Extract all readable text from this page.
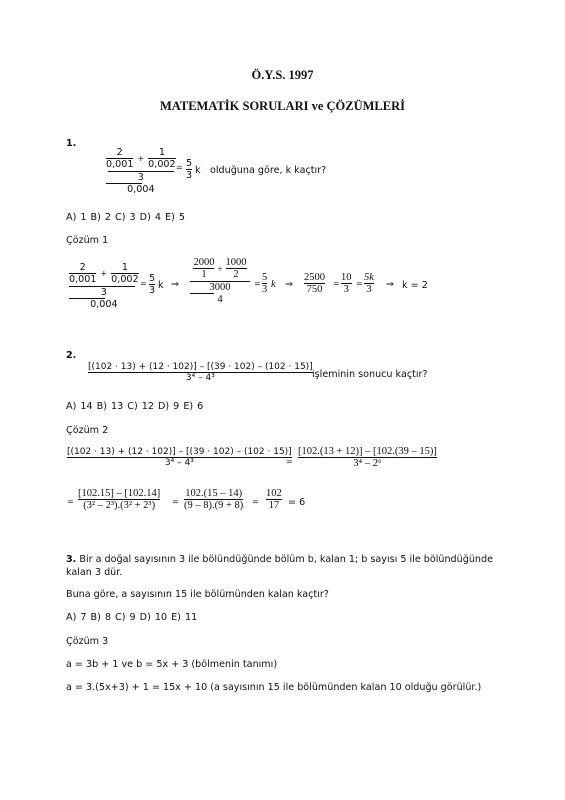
Ö.Y.S. 1997
MATEMATİK SORULARI ve ÇÖZÜMLERİ
1.
2
0,001
+
1
0,002
3
0,004
= 5
3 k olduğuna göre, k kaçtır?
A) 1 B) 2 C) 3 D) 4 E) 5
Çözüm 1
2
0,001
+
1
0,002
3
0,004
= 5
3 k ⇒
2000
1
+
1000
2
3000
4
=
5
3 k ⇒
2500
750
=
10
3
=
5k
3 ⇒ k = 2
2.
[(102 · 13) + (12 · 102)] – [(39 · 102) – (102 · 15)]
3⁴ – 4³	işleminin sonucu kaçtır?
A) 14 B) 13 C) 12 D) 9 E) 6
Çözüm 2
[(102 · 13) + (12 · 102)] – [(39 · 102) – (102 · 15)]
3⁴ – 4³	=
[102.(13 + 12)] – [102.(39 – 15)]
3⁴ – 2⁶
=
[102.15] – [102.14]
(3² – 2³).(3² + 2³) =
102.(15 – 14)
(9 – 8).(9 + 8) =
102
17 = 6
3. Bir a doğal sayısının 3 ile bölündüğünde bölüm b, kalan 1; b sayısı 5 ile bölündüğünde
kalan 3 dür.
Buna göre, a sayısının 15 ile bölümünden kalan kaçtır?
A) 7 B) 8 C) 9 D) 10 E) 11
Çözüm 3
a = 3b + 1 ve b = 5x + 3 (bölmenin tanımı)
a = 3.(5x+3) + 1 = 15x + 10 (a sayısının 15 ile bölümünden kalan 10 olduğu görülür.)
